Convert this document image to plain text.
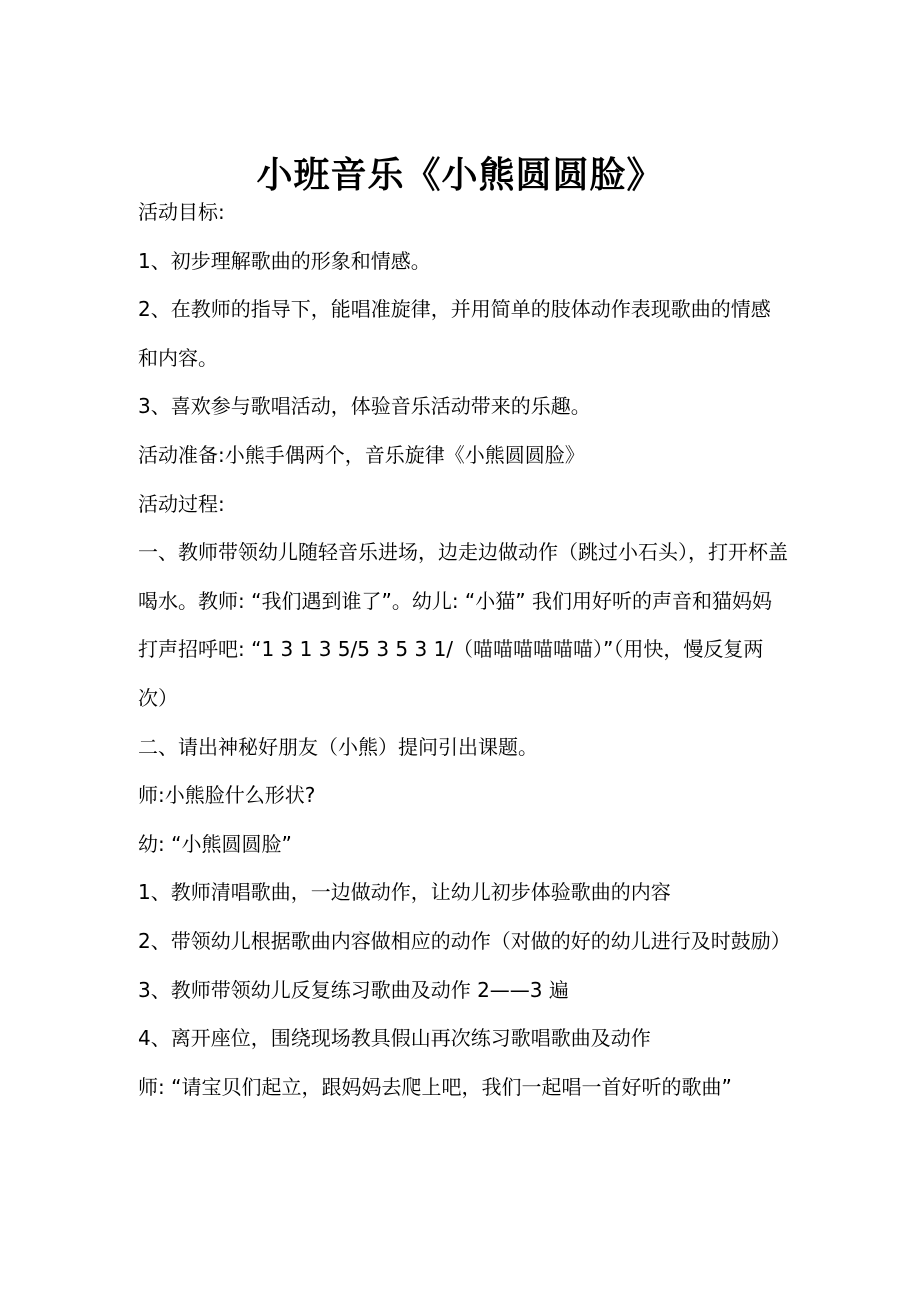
小班音乐《小熊圆圆脸》

活动目标:

1、初步理解歌曲的形象和情感。

2、在教师的指导下，能唱准旋律，并用简单的肢体动作表现歌曲的情感和内容。

3、喜欢参与歌唱活动，体验音乐活动带来的乐趣。

活动准备:小熊手偶两个，音乐旋律《小熊圆圆脸》

活动过程:

一、教师带领幼儿随轻音乐进场，边走边做动作（跳过小石头），打开杯盖喝水。教师: “我们遇到谁了”。幼儿: “小猫” 我们用好听的声音和猫妈妈打声招呼吧: “1 3 1 3 5/5 3 5 3 1/（喵喵喵喵喵喵）”（用快，慢反复两次）

二、请出神秘好朋友（小熊）提问引出课题。

师:小熊脸什么形状?

幼: “小熊圆圆脸”

1、教师清唱歌曲，一边做动作，让幼儿初步体验歌曲的内容

2、带领幼儿根据歌曲内容做相应的动作（对做的好的幼儿进行及时鼓励）

3、教师带领幼儿反复练习歌曲及动作 2——3 遍

4、离开座位，围绕现场教具假山再次练习歌唱歌曲及动作

师: “请宝贝们起立，跟妈妈去爬上吧，我们一起唱一首好听的歌曲”
